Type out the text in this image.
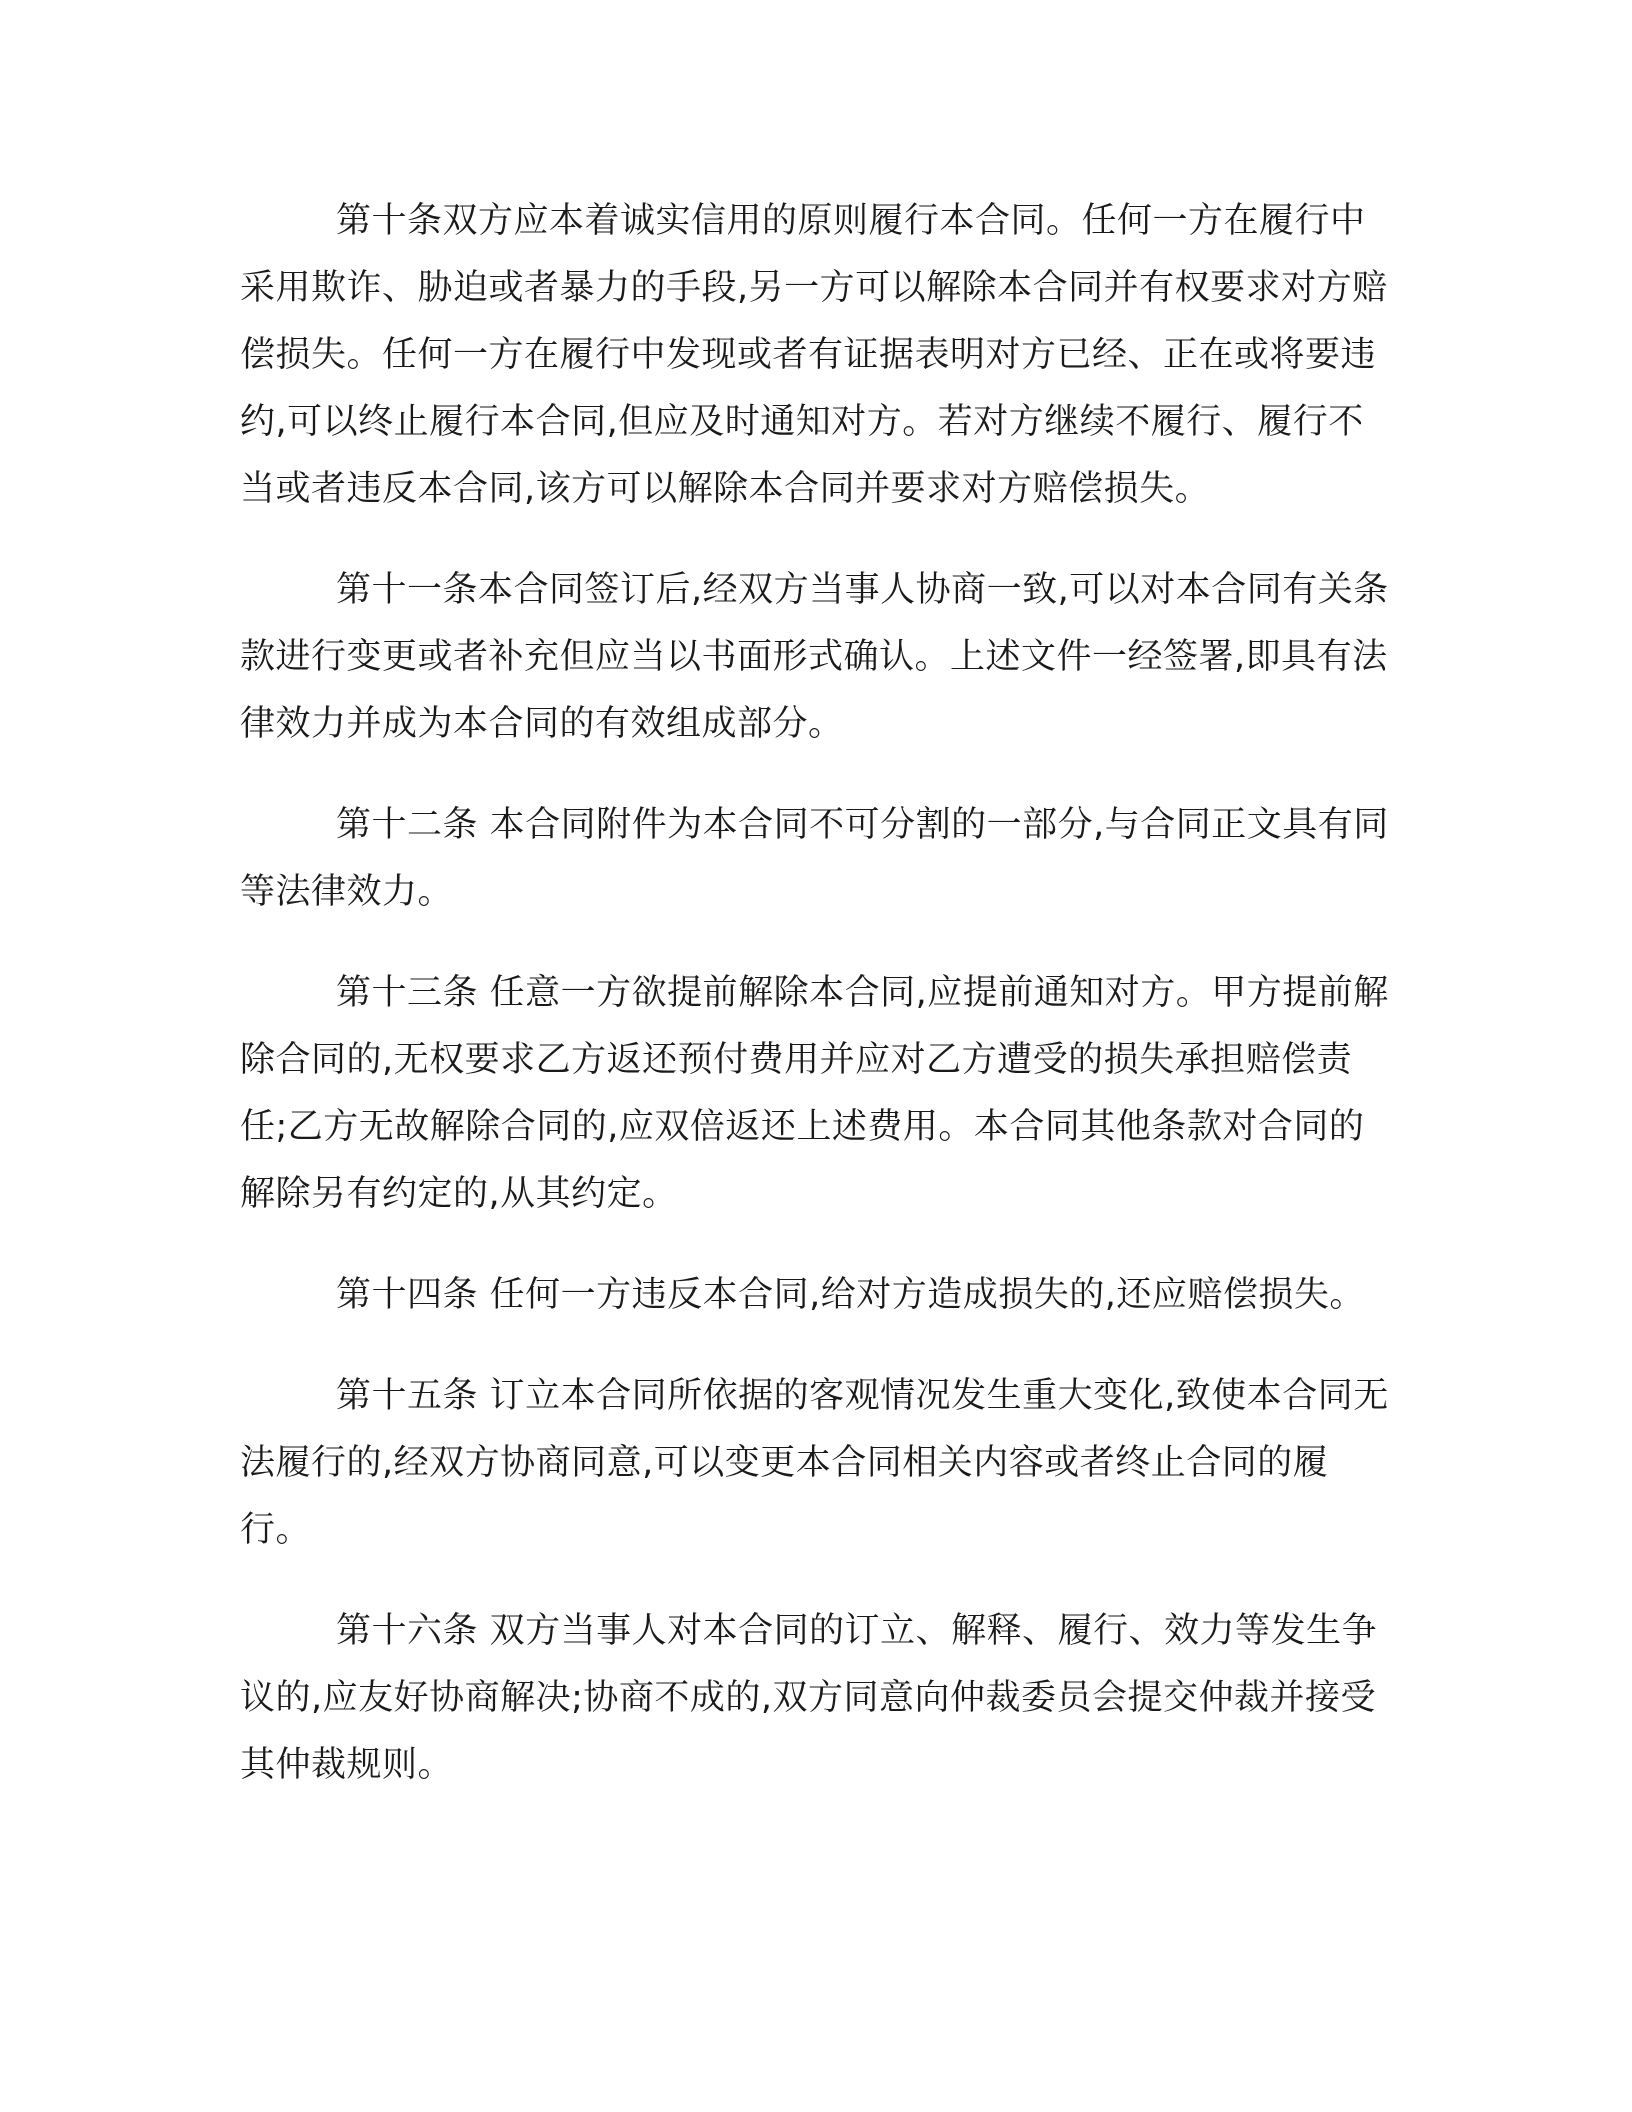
第十条双方应本着诚实信用的原则履行本合同。任何一方在履行中采用欺诈、胁迫或者暴力的手段,另一方可以解除本合同并有权要求对方赔偿损失。任何一方在履行中发现或者有证据表明对方已经、正在或将要违约,可以终止履行本合同,但应及时通知对方。若对方继续不履行、履行不当或者违反本合同,该方可以解除本合同并要求对方赔偿损失。

第十一条本合同签订后,经双方当事人协商一致,可以对本合同有关条款进行变更或者补充但应当以书面形式确认。上述文件一经签署,即具有法律效力并成为本合同的有效组成部分。

第十二条 本合同附件为本合同不可分割的一部分,与合同正文具有同等法律效力。

第十三条 任意一方欲提前解除本合同,应提前通知对方。甲方提前解除合同的,无权要求乙方返还预付费用并应对乙方遭受的损失承担赔偿责任;乙方无故解除合同的,应双倍返还上述费用。本合同其他条款对合同的解除另有约定的,从其约定。

第十四条 任何一方违反本合同,给对方造成损失的,还应赔偿损失。

第十五条 订立本合同所依据的客观情况发生重大变化,致使本合同无法履行的,经双方协商同意,可以变更本合同相关内容或者终止合同的履行。

第十六条 双方当事人对本合同的订立、解释、履行、效力等发生争议的,应友好协商解决;协商不成的,双方同意向仲裁委员会提交仲裁并接受其仲裁规则。
